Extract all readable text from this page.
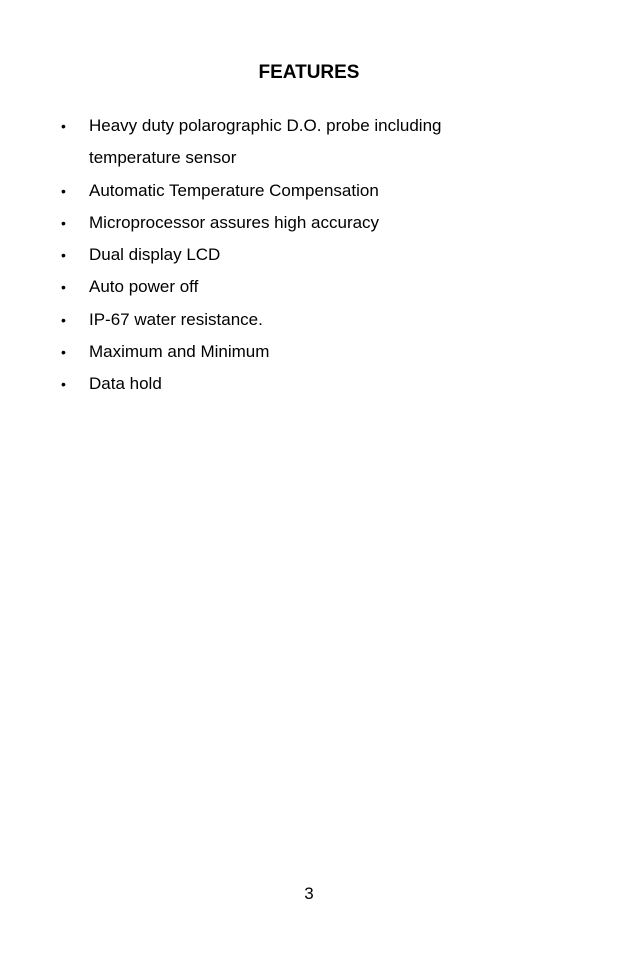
FEATURES
• Heavy duty polarographic D.O. probe including temperature sensor
• Automatic Temperature Compensation
• Microprocessor assures high accuracy
• Dual display LCD
• Auto power off
• IP-67 water resistance.
• Maximum and Minimum
• Data hold
3
